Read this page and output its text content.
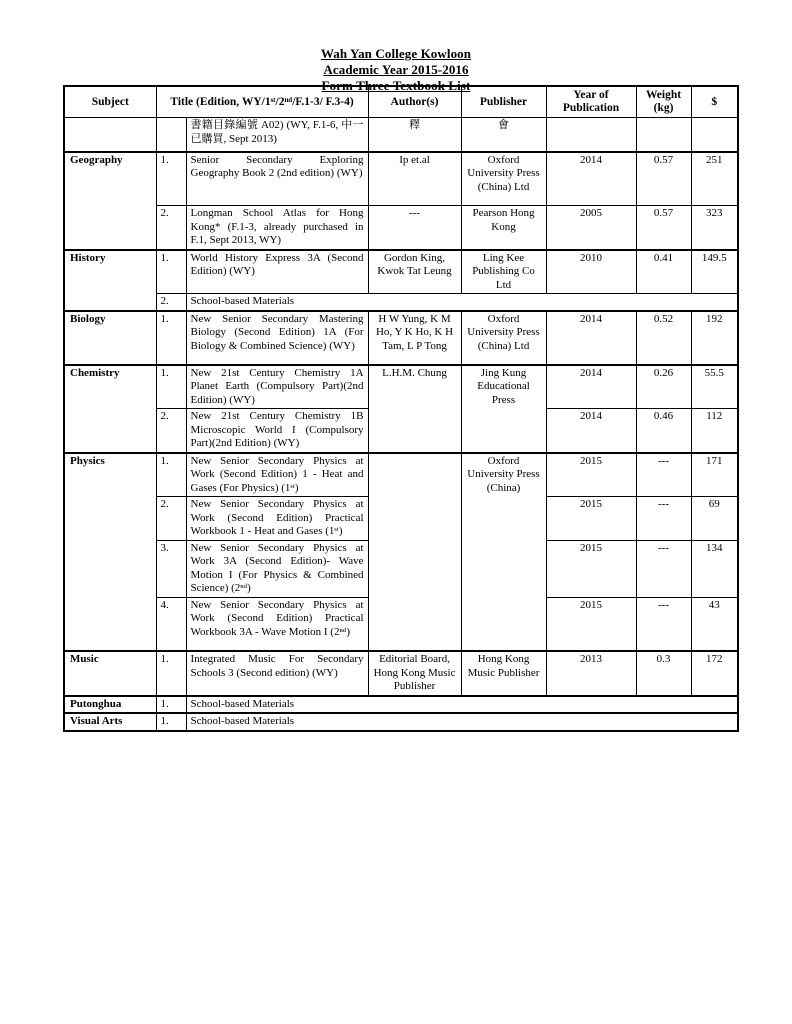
Wah Yan College Kowloon
Academic Year 2015-2016
Form Three Textbook List
Subject	Title (Edition, WY/1ˢᵗ/2ⁿᵈ/F.1-3/ F.3-4)		Author(s)	Publisher	Year of Publication	Weight (kg)	$
		書籍目錄編號 A02) (WY, F.1-6, 中一已購買, Sept 2013)	釋	會			
Geography	1.	Senior Secondary Exploring Geography Book 2 (2nd edition) (WY)	Ip et.al	Oxford University Press (China) Ltd	2014	0.57	251
	2.	Longman School Atlas for Hong Kong* (F.1-3, already purchased in F.1, Sept 2013, WY)	---	Pearson Hong Kong	2005	0.57	323
History	1.	World History Express 3A (Second Edition) (WY)	Gordon King, Kwok Tat Leung	Ling Kee Publishing Co Ltd	2010	0.41	149.5
	2.	School-based Materials					
Biology	1.	New Senior Secondary Mastering Biology (Second Edition) 1A (For Biology & Combined Science) (WY)	H W Yung, K M Ho, Y K Ho, K H Tam, L P Tong	Oxford University Press (China) Ltd	2014	0.52	192
Chemistry	1.	New 21st Century Chemistry 1A Planet Earth (Compulsory Part)(2nd Edition) (WY)	L.H.M. Chung	Jing Kung Educational Press	2014	0.26	55.5
	2.	New 21st Century Chemistry 1B Microscopic World I (Compulsory Part)(2nd Edition) (WY)			2014	0.46	112
Physics	1.	New Senior Secondary Physics at Work (Second Edition) 1 - Heat and Gases (For Physics) (1ˢᵗ)		Oxford University Press (China)	2015	---	171
	2.	New Senior Secondary Physics at Work (Second Edition) Practical Workbook 1 - Heat and Gases (1ˢᵗ)			2015	---	69
	3.	New Senior Secondary Physics at Work 3A (Second Edition)- Wave Motion I (For Physics & Combined Science) (2ⁿᵈ)			2015	---	134
	4.	New Senior Secondary Physics at Work (Second Edition) Practical Workbook 3A - Wave Motion I (2ⁿᵈ)			2015	---	43
Music	1.	Integrated Music For Secondary Schools 3 (Second edition) (WY)	Editorial Board, Hong Kong Music Publisher	Hong Kong Music Publisher	2013	0.3	172
Putonghua	1.	School-based Materials					
Visual Arts	1.	School-based Materials					
